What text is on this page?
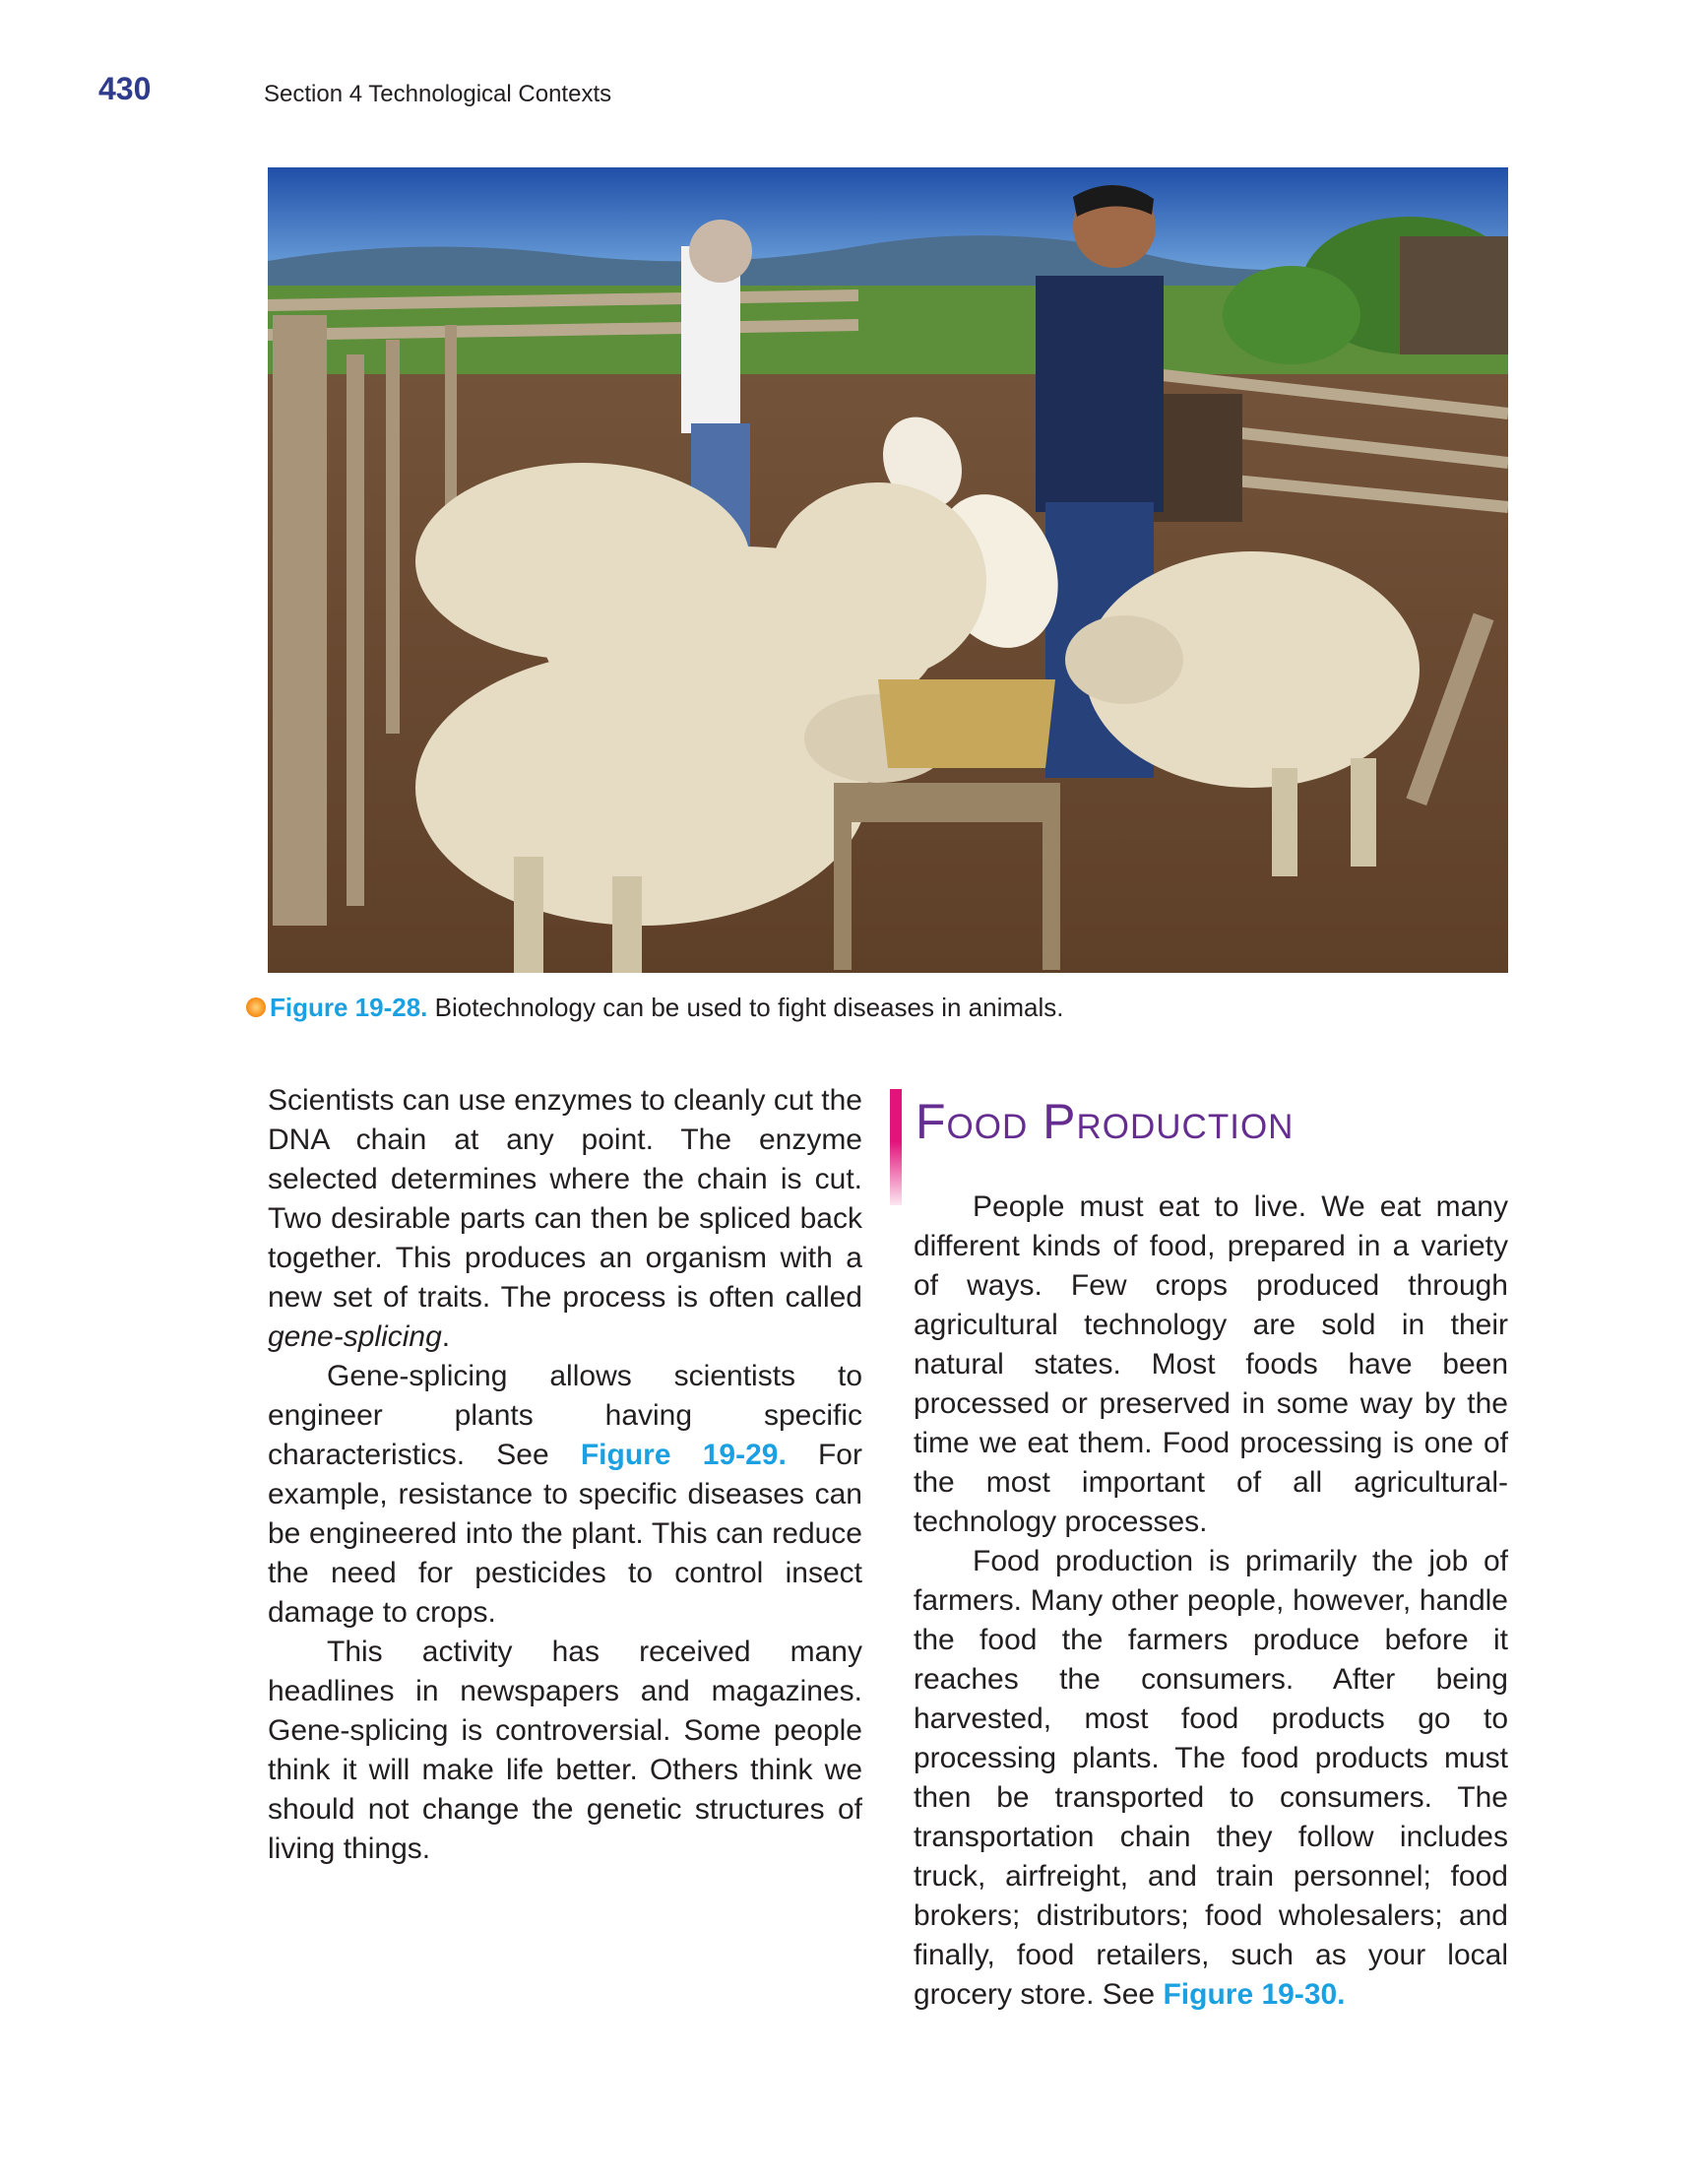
430	Section 4 Technological Contexts
Figure 19-28. Biotechnology can be used to fight diseases in animals.

Scientists can use enzymes to cleanly cut the DNA chain at any point. The enzyme selected determines where the chain is cut. Two desirable parts can then be spliced back together. This produces an organism with a new set of traits. The process is often called gene-splicing.

Gene-splicing allows scientists to engineer plants having specific characteristics. See Figure 19-29. For example, resistance to specific diseases can be engineered into the plant. This can reduce the need for pesticides to control insect damage to crops.

This activity has received many headlines in newspapers and magazines. Gene-splicing is controversial. Some people think it will make life better. Others think we should not change the genetic structures of living things.

Food Production

People must eat to live. We eat many different kinds of food, prepared in a variety of ways. Few crops produced through agricultural technology are sold in their natural states. Most foods have been processed or preserved in some way by the time we eat them. Food processing is one of the most important of all agricultural-technology processes.

Food production is primarily the job of farmers. Many other people, however, handle the food the farmers produce before it reaches the consumers. After being harvested, most food products go to processing plants. The food products must then be transported to consumers. The transportation chain they follow includes truck, airfreight, and train personnel; food brokers; distributors; food wholesalers; and finally, food retailers, such as your local grocery store. See Figure 19-30.
